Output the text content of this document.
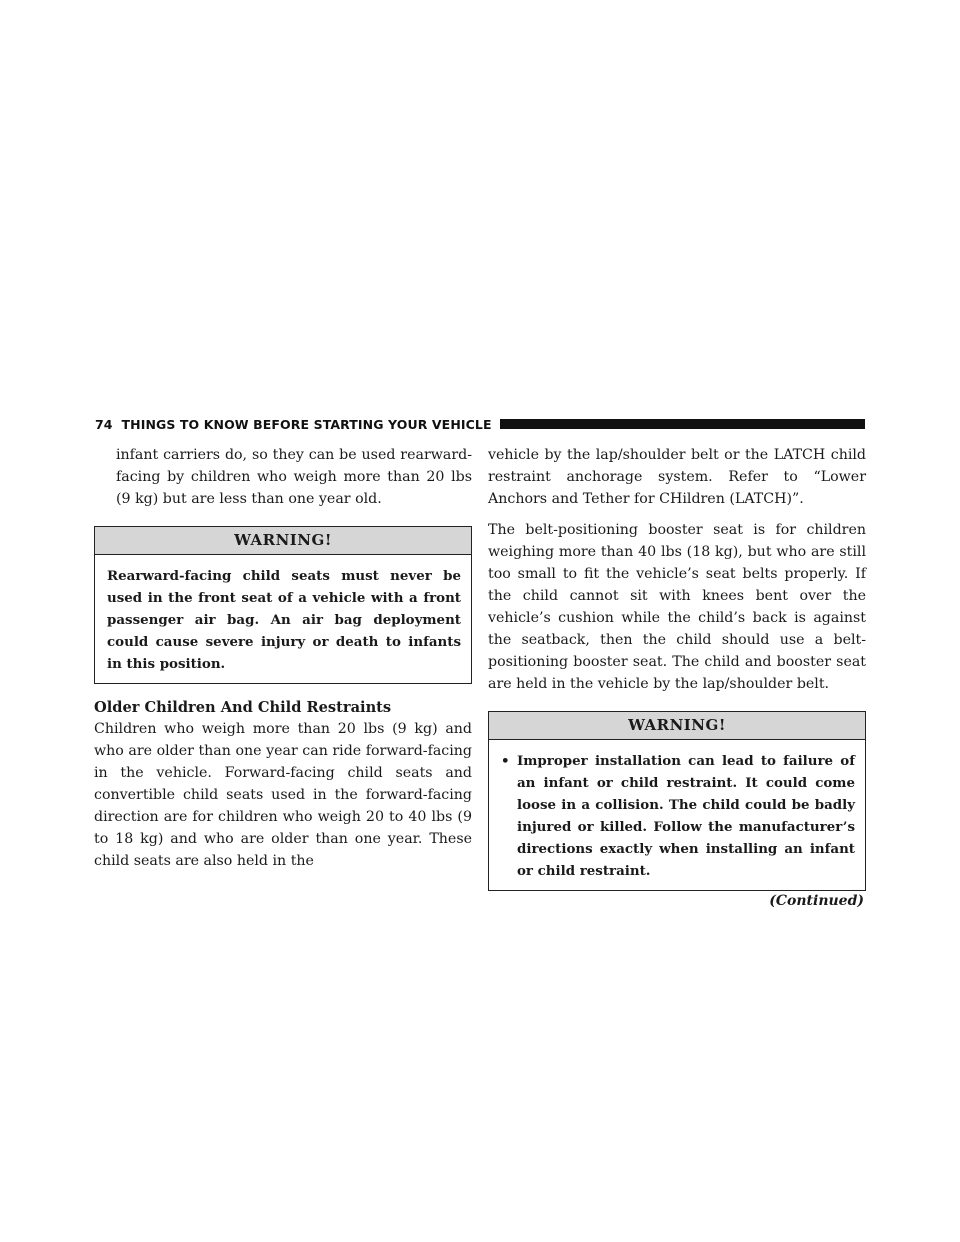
74 THINGS TO KNOW BEFORE STARTING YOUR VEHICLE

infant carriers do, so they can be used rearward-facing by children who weigh more than 20 lbs (9 kg) but are less than one year old.

WARNING!
Rearward-facing child seats must never be used in the front seat of a vehicle with a front passenger air bag. An air bag deployment could cause severe injury or death to infants in this position.
Older Children And Child Restraints

Children who weigh more than 20 lbs (9 kg) and who are older than one year can ride forward-facing in the vehicle. Forward-facing child seats and convertible child seats used in the forward-facing direction are for children who weigh 20 to 40 lbs (9 to 18 kg) and who are older than one year. These child seats are also held in the

vehicle by the lap/shoulder belt or the LATCH child restraint anchorage system. Refer to “Lower Anchors and Tether for CHildren (LATCH)”.

The belt-positioning booster seat is for children weighing more than 40 lbs (18 kg), but who are still too small to fit the vehicle’s seat belts properly. If the child cannot sit with knees bent over the vehicle’s cushion while the child’s back is against the seatback, then the child should use a belt-positioning booster seat. The child and booster seat are held in the vehicle by the lap/shoulder belt.

WARNING!
• Improper installation can lead to failure of an infant or child restraint. It could come loose in a collision. The child could be badly injured or killed. Follow the manufacturer’s directions exactly when installing an infant or child restraint.
(Continued)
